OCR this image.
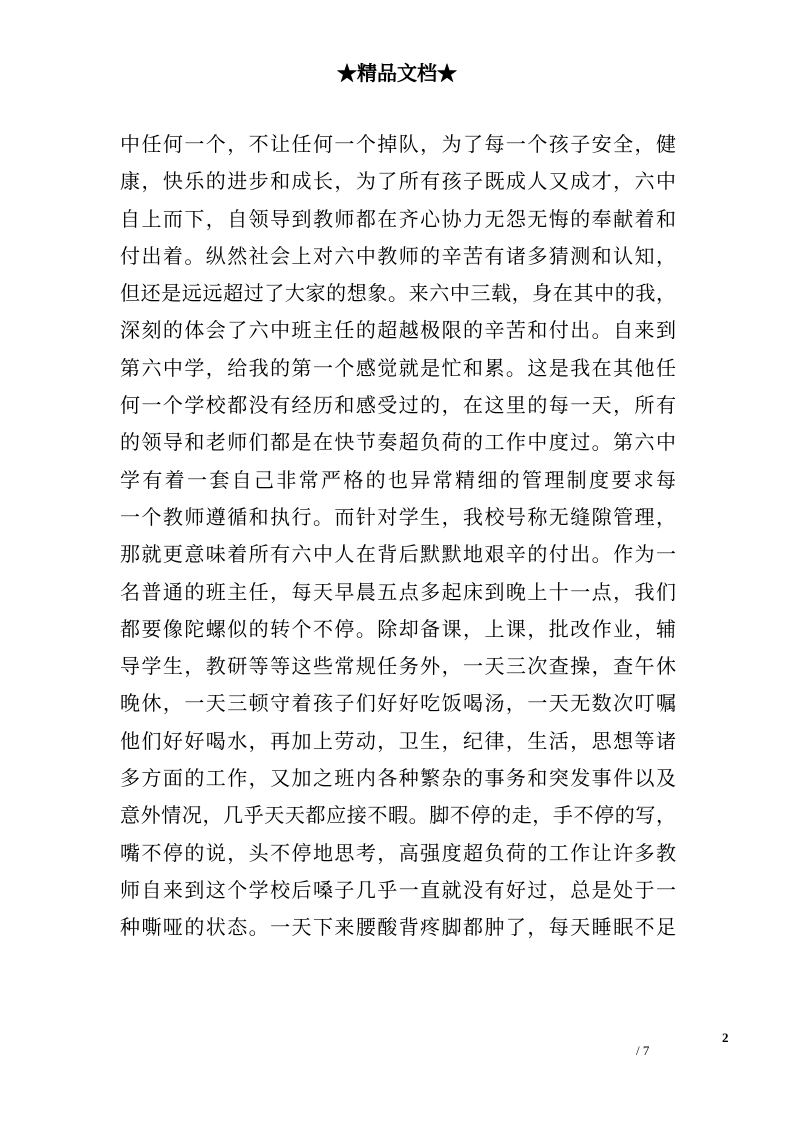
★精品文档★
中任何一个，不让任何一个掉队，为了每一个孩子安全，健
康，快乐的进步和成长，为了所有孩子既成人又成才，六中
自上而下，自领导到教师都在齐心协力无怨无悔的奉献着和
付出着。纵然社会上对六中教师的辛苦有诸多猜测和认知，
但还是远远超过了大家的想象。来六中三载，身在其中的我，
深刻的体会了六中班主任的超越极限的辛苦和付出。自来到
第六中学，给我的第一个感觉就是忙和累。这是我在其他任
何一个学校都没有经历和感受过的，在这里的每一天，所有
的领导和老师们都是在快节奏超负荷的工作中度过。第六中
学有着一套自己非常严格的也异常精细的管理制度要求每
一个教师遵循和执行。而针对学生，我校号称无缝隙管理，
那就更意味着所有六中人在背后默默地艰辛的付出。作为一
名普通的班主任，每天早晨五点多起床到晚上十一点，我们
都要像陀螺似的转个不停。除却备课，上课，批改作业，辅
导学生，教研等等这些常规任务外，一天三次查操，查午休
晚休，一天三顿守着孩子们好好吃饭喝汤，一天无数次叮嘱
他们好好喝水，再加上劳动，卫生，纪律，生活，思想等诸
多方面的工作，又加之班内各种繁杂的事务和突发事件以及
意外情况，几乎天天都应接不暇。脚不停的走，手不停的写，
嘴不停的说，头不停地思考，高强度超负荷的工作让许多教
师自来到这个学校后嗓子几乎一直就没有好过，总是处于一
种嘶哑的状态。一天下来腰酸背疼脚都肿了，每天睡眠不足
2
/ 7
